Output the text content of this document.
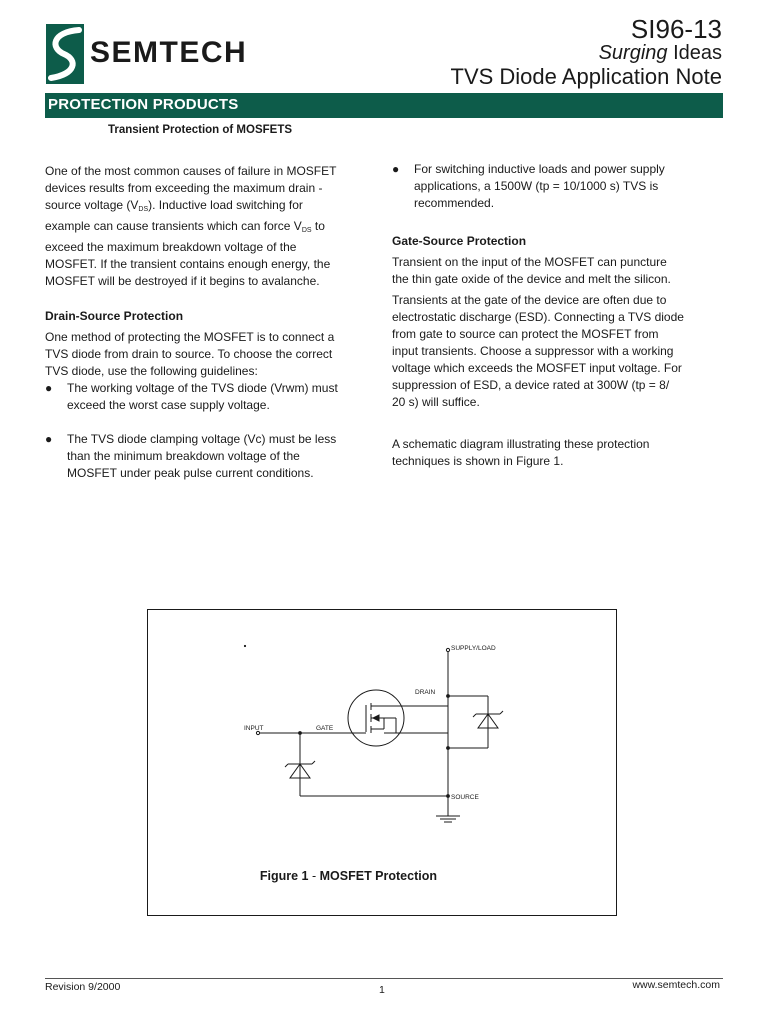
SEMTECH
SI96-13
Surging Ideas
TVS Diode Application Note
PROTECTION PRODUCTS
Transient Protection of MOSFETS
One of the most common causes of failure in MOSFET
devices results from exceeding the maximum drain -
source voltage $(V_{DS})$. Inductive load switching for
example can cause transients which can force $V_{DS}$ to
exceed the maximum breakdown voltage of the
MOSFET. If the transient contains enough energy, the
MOSFET will be destroyed if it begins to avalanche.
Drain-Source Protection
One method of protecting the MOSFET is to connect a
TVS diode from drain to source. To choose the correct
TVS diode, use the following guidelines:
● The working voltage of the TVS diode (Vrwm) must
exceed the worst case supply voltage.
● The TVS diode clamping voltage (Vc) must be less
than the minimum breakdown voltage of the
MOSFET under peak pulse current conditions.
● For switching inductive loads and power supply
applications, a 1500W (tp = 10/1000 s) TVS is
recommended.
Gate-Source Protection
Transient on the input of the MOSFET can puncture
the thin gate oxide of the device and melt the silicon.
Transients at the gate of the device are often due to
electrostatic discharge (ESD). Connecting a TVS diode
from gate to source can protect the MOSFET from
input transients. Choose a suppressor with a working
voltage which exceeds the MOSFET input voltage. For
suppression of ESD, a device rated at 300W (tp = 8/
20 s) will suffice.
A schematic diagram illustrating these protection
techniques is shown in Figure 1.
SUPPLY/LOAD
DRAIN
INPUT	GATE
SOURCE
Figure 1 - MOSFET Protection
Revision 9/2000	1	www.semtech.com
